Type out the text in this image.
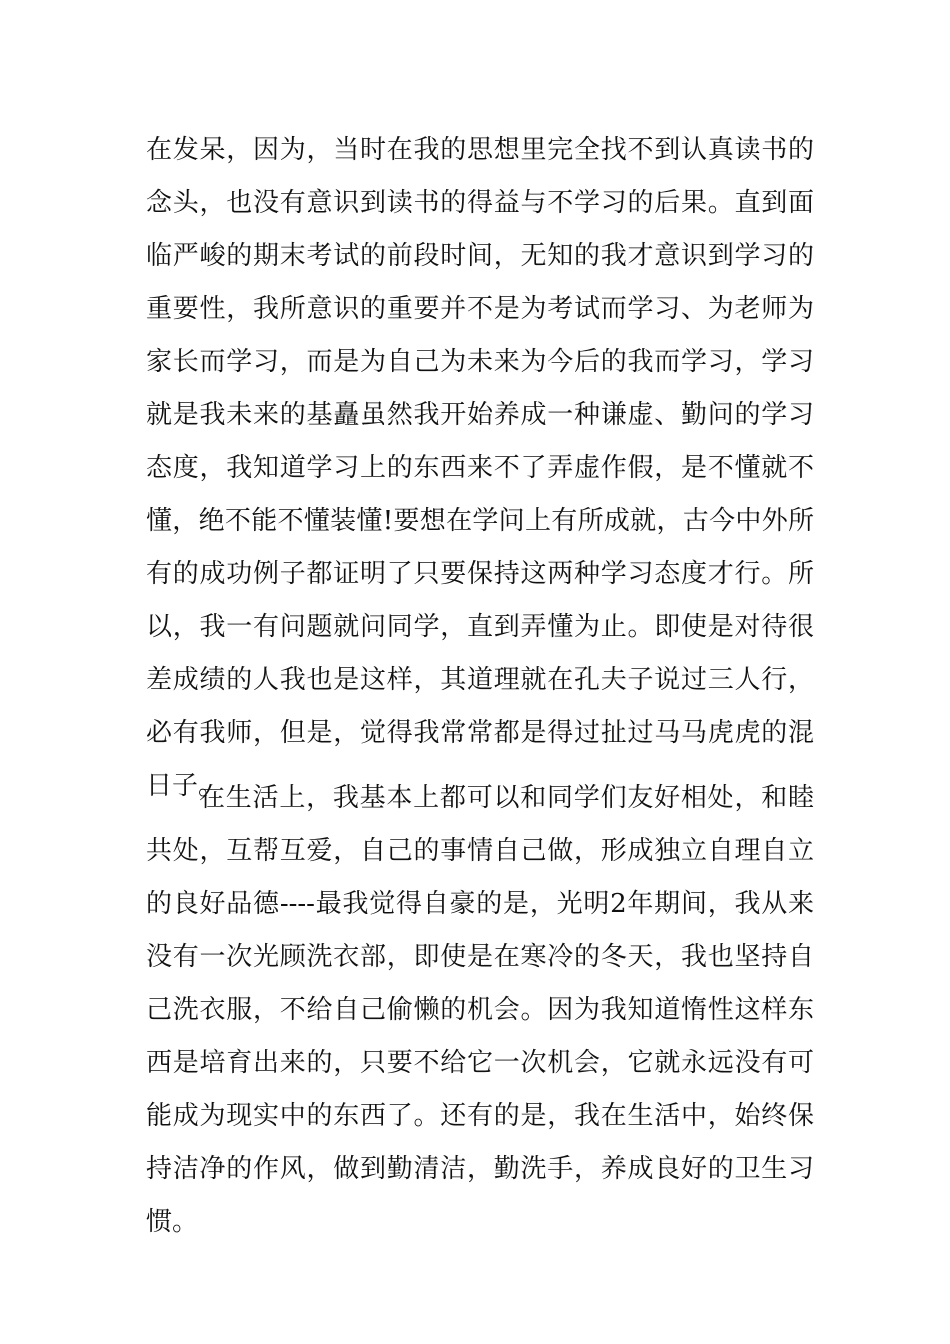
在发呆，因为，当时在我的思想里完全找不到认真读书的
念头，也没有意识到读书的得益与不学习的后果。直到面
临严峻的期末考试的前段时间，无知的我才意识到学习的
重要性，我所意识的重要并不是为考试而学习、为老师为
家长而学习，而是为自己为未来为今后的我而学习，学习
就是我未来的基矗虽然我开始养成一种谦虚、勤问的学习
态度，我知道学习上的东西来不了弄虚作假，是不懂就不
懂，绝不能不懂装懂!要想在学问上有所成就，古今中外所
有的成功例子都证明了只要保持这两种学习态度才行。所
以，我一有问题就问同学，直到弄懂为止。即使是对待很
差成绩的人我也是这样，其道理就在孔夫子说过三人行，
必有我师，但是，觉得我常常都是得过扯过马马虎虎的混
日子。
在生活上，我基本上都可以和同学们友好相处，和睦
共处，互帮互爱，自己的事情自己做，形成独立自理自立
的良好品德----最我觉得自豪的是，光明2年期间，我从来
没有一次光顾洗衣部，即使是在寒冷的冬天，我也坚持自
己洗衣服，不给自己偷懒的机会。因为我知道惰性这样东
西是培育出来的，只要不给它一次机会，它就永远没有可
能成为现实中的东西了。还有的是，我在生活中，始终保
持洁净的作风，做到勤清洁，勤洗手，养成良好的卫生习
惯。
